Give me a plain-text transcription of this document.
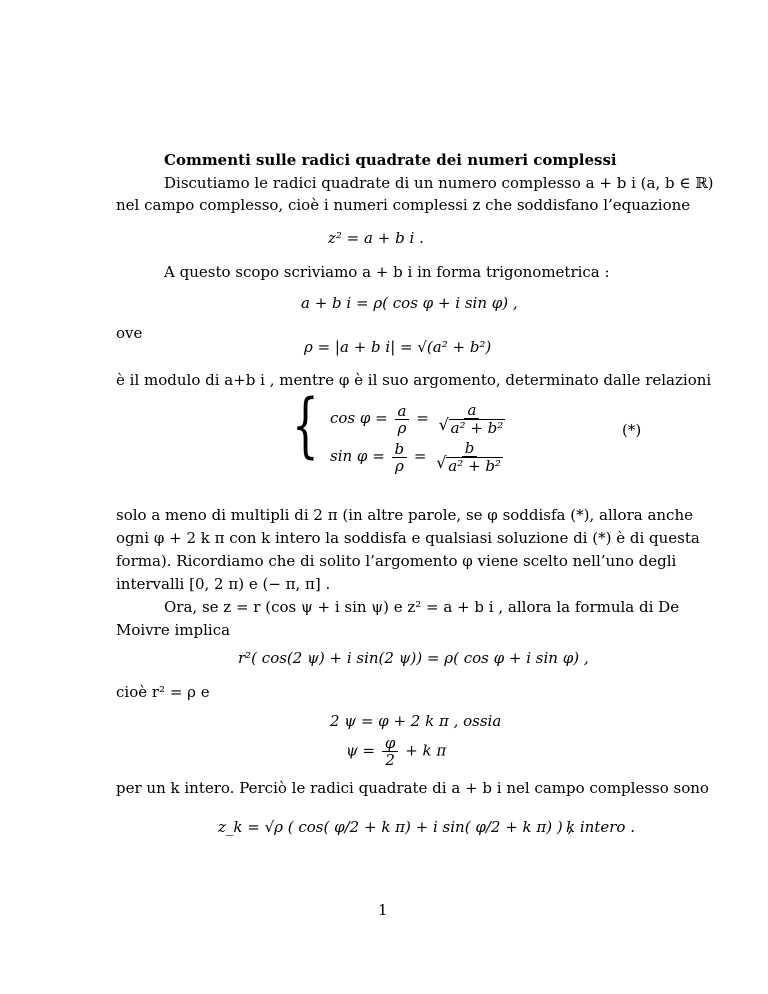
Commenti sulle radici quadrate dei numeri complessi
Discutiamo le radici quadrate di un numero complesso a + b i (a, b ∈ ℝ)
nel campo complesso, cioè i numeri complessi z che soddisfano l’equazione
z² = a + b i .
A questo scopo scriviamo a + b i in forma trigonometrica :
a + b i = ρ( cos φ + i sin φ) ,
ove
ρ = |a + b i| = √(a² + b²)
è il modulo di a+b i , mentre φ è il suo argomento, determinato dalle relazioni
{ $\cos \varphi = \frac{a}{\rho} = \frac{a}{\text{√ a² + b²}}$
$\sin \varphi = \frac{b}{\rho} = \frac{b}{\text{√ a² + b²}}$
(*)
solo a meno di multipli di 2 π (in altre parole, se φ soddisfa (*), allora anche
ogni φ + 2 k π con k intero la soddisfa e qualsiasi soluzione di (*) è di questa
forma). Ricordiamo che di solito l’argomento φ viene scelto nell’uno degli
intervalli [0, 2 π) e (− π, π] .
Ora, se z = r (cos ψ + i sin ψ) e z² = a + b i , allora la formula di De
Moivre implica
r²( cos(2 ψ) + i sin(2 ψ)) = ρ( cos φ + i sin φ) ,
cioè r² = ρ e
2 ψ = φ + 2 k π , ossia
$\psi = \frac{\varphi}{2} + k$ π
per un k intero. Perciò le radici quadrate di a + b i nel campo complesso sono
z_k = √ρ ( cos( φ/2 + k π) + i sin( φ/2 + k π) ) ,
k intero .
1
